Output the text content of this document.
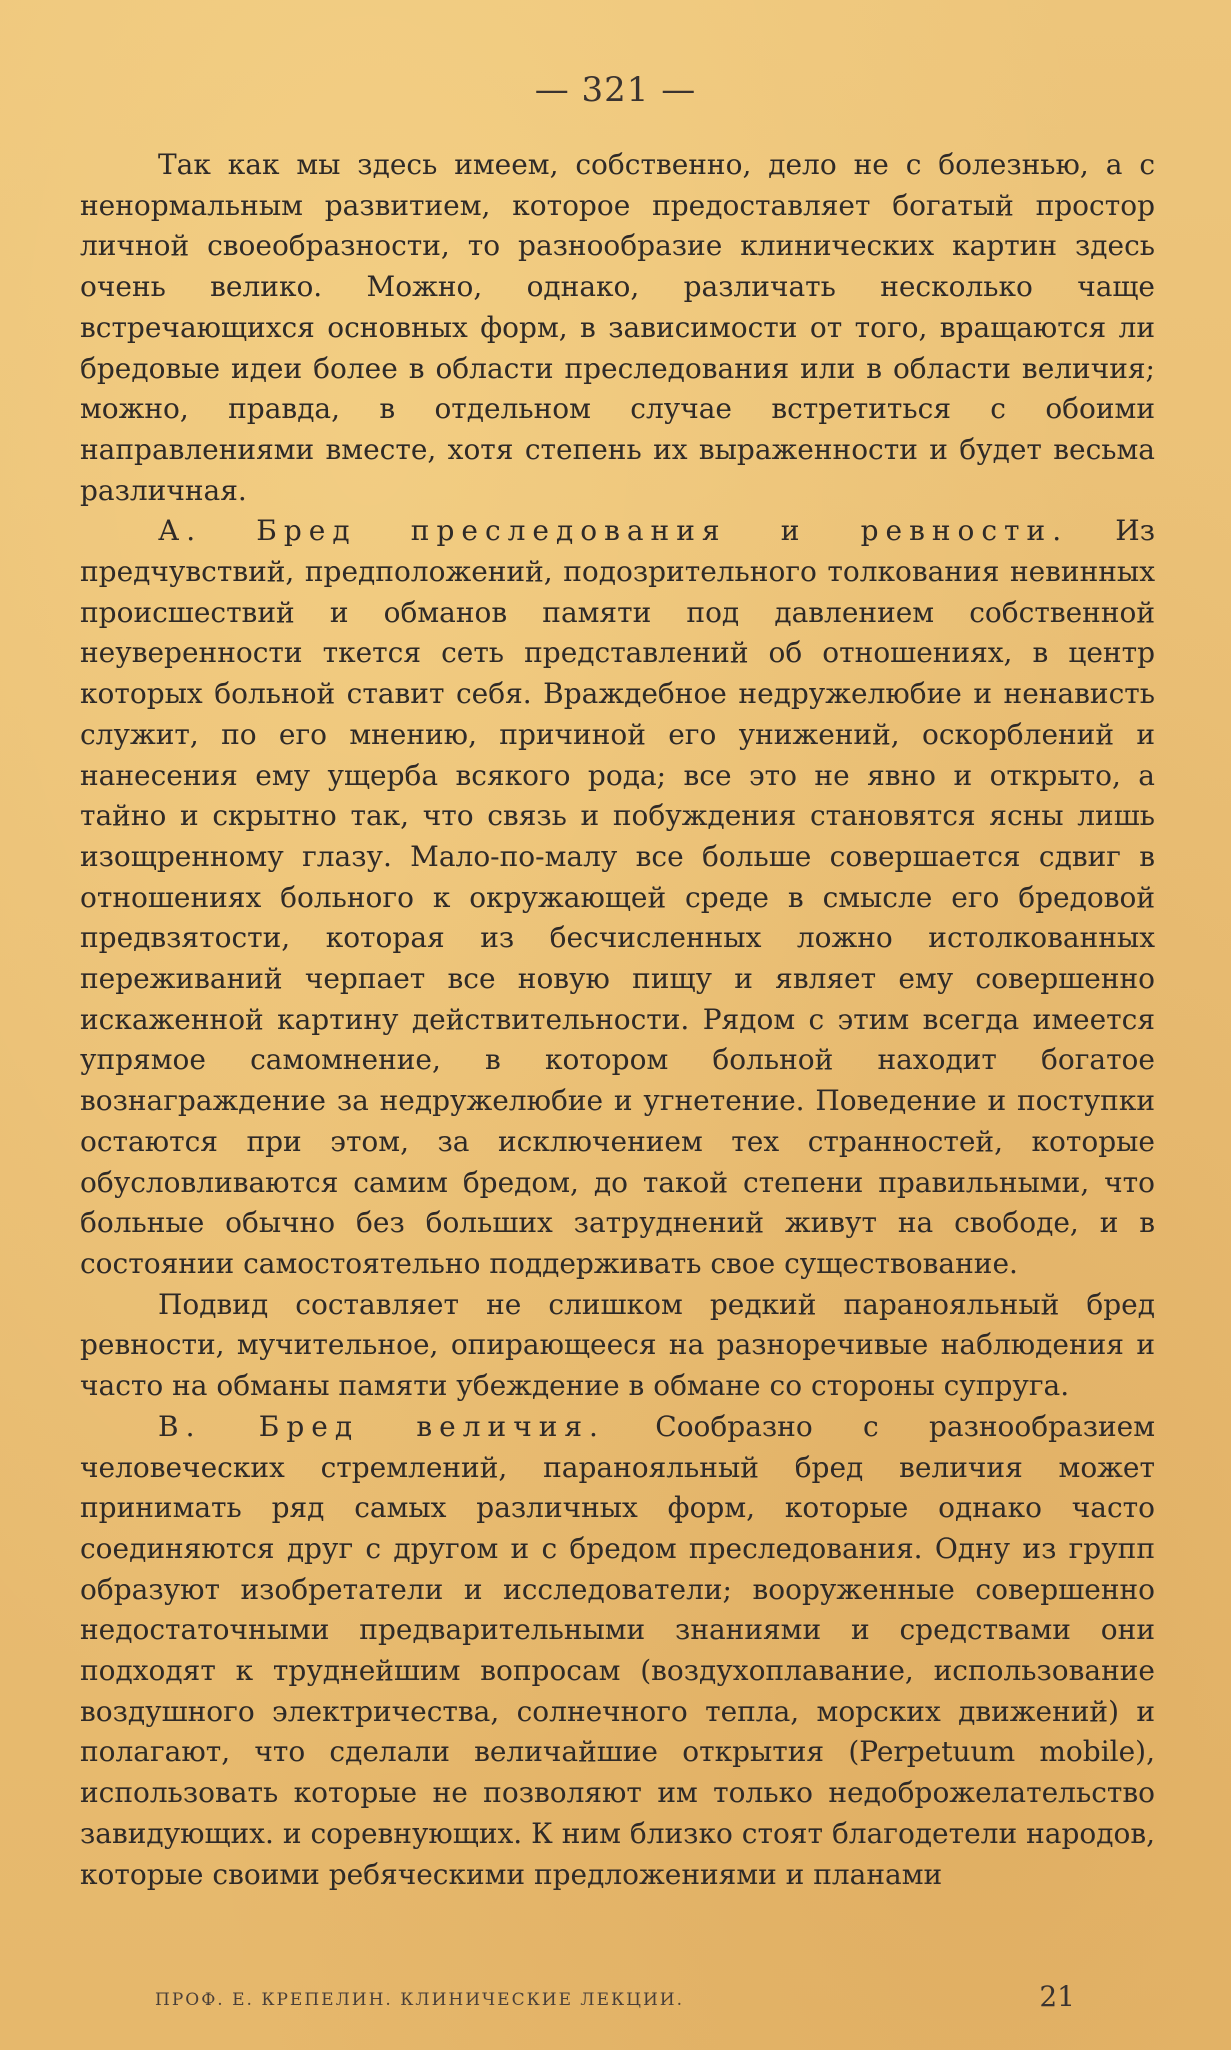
— 321 —

Так как мы здесь имеем, собственно, дело не с болезнью, а с ненормальным развитием, которое предоставляет богатый простор личной своеобразности, то разнообразие клинических картин здесь очень велико. Можно, однако, различать несколько чаще встречающихся основных форм, в зависимости от того, вращаются ли бредовые идеи более в области преследования или в области величия; можно, правда, в отдельном случае встретиться с обоими направлениями вместе, хотя степень их выраженности и будет весьма различная.

А. Бред преследования и ревности. Из предчувствий, предположений, подозрительного толкования невинных происшествий и обманов памяти под давлением собственной неуверенности ткется сеть представлений об отношениях, в центр которых больной ставит себя. Враждебное недружелюбие и ненависть служит, по его мнению, причиной его унижений, оскорблений и нанесения ему ущерба всякого рода; все это не явно и открыто, а тайно и скрытно так, что связь и побуждения становятся ясны лишь изощренному глазу. Мало-по-малу все больше совершается сдвиг в отношениях больного к окружающей среде в смысле его бредовой предвзятости, которая из бесчисленных ложно истолкованных переживаний черпает все новую пищу и являет ему совершенно искаженной картину действительности. Рядом с этим всегда имеется упрямое самомнение, в котором больной находит богатое вознаграждение за недружелюбие и угнетение. Поведение и поступки остаются при этом, за исключением тех странностей, которые обусловливаются самим бредом, до такой степени правильными, что больные обычно без больших затруднений живут на свободе, и в состоянии самостоятельно поддерживать свое существование.

Подвид составляет не слишком редкий паранояльный бред ревности, мучительное, опирающееся на разноречивые наблюдения и часто на обманы памяти убеждение в обмане со стороны супруга.

В. Бред величия. Сообразно с разнообразием человеческих стремлений, паранояльный бред величия может принимать ряд самых различных форм, которые однако часто соединяются друг с другом и с бредом преследования. Одну из групп образуют изобретатели и исследователи; вооруженные совершенно недостаточными предварительными знаниями и средствами они подходят к труднейшим вопросам (воздухоплавание, использование воздушного электричества, солнечного тепла, морских движений) и полагают, что сделали величайшие открытия (Perpetuum mobile), использовать которые не позволяют им только недоброжелательство завидующих. и соревнующих. К ним близко стоят благодетели народов, которые своими ребяческими предложениями и планами

ПРОФ. Е. КРЕПЕЛИН. КЛИНИЧЕСКИЕ ЛЕКЦИИ.	21
